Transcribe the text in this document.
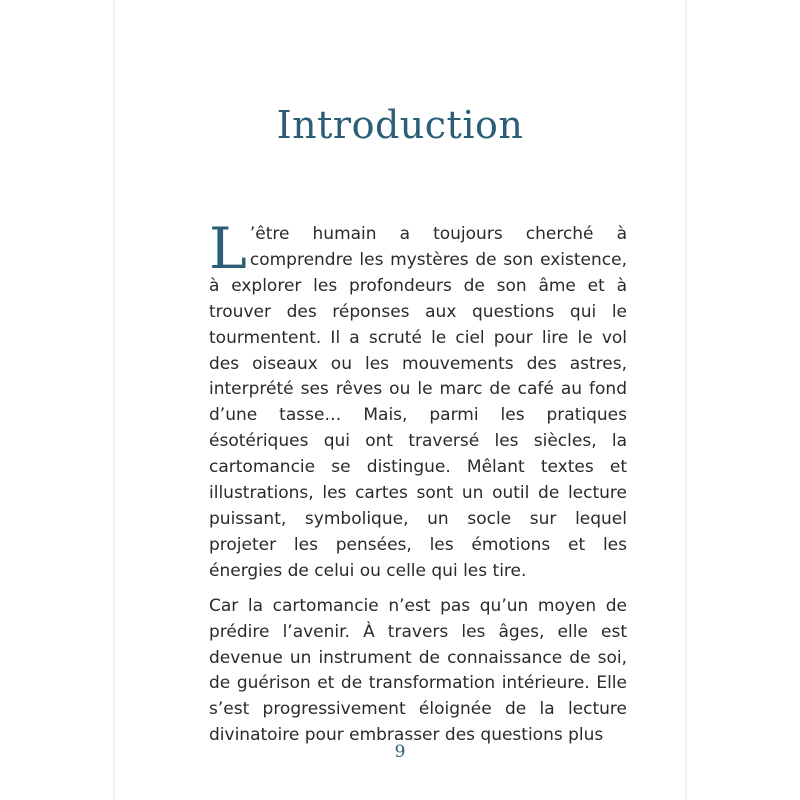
Introduction

L ’être humain a toujours cherché à comprendre les mystères de son existence, à explorer les profondeurs de son âme et à trouver des réponses aux questions qui le tourmentent. Il a scruté le ciel pour lire le vol des oiseaux ou les mouvements des astres, interprété ses rêves ou le marc de café au fond d’une tasse… Mais, parmi les pratiques ésotériques qui ont traversé les siècles, la cartomancie se distingue. Mêlant textes et illustrations, les cartes sont un outil de lecture puissant, symbolique, un socle sur lequel projeter les pensées, les émotions et les énergies de celui ou celle qui les tire.

Car la cartomancie n’est pas qu’un moyen de prédire l’avenir. À travers les âges, elle est devenue un instrument de connaissance de soi, de guérison et de transformation intérieure. Elle s’est progressivement éloignée de la lecture divinatoire pour embrasser des questions plus

9
